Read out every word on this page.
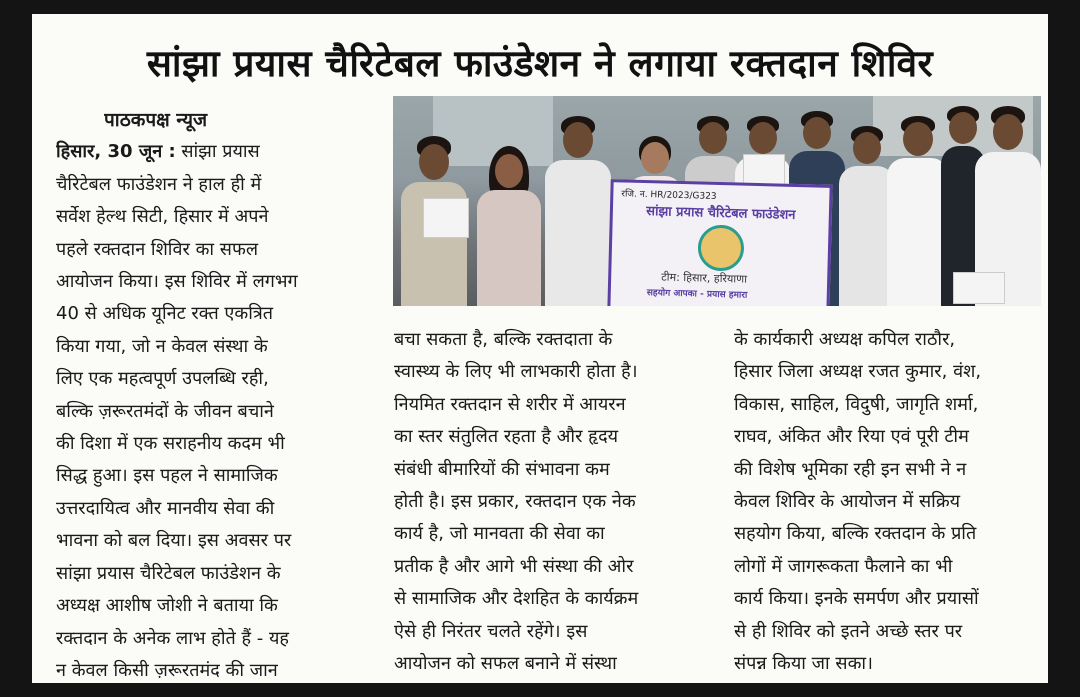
सांझा प्रयास चैरिटेबल फाउंडेशन ने लगाया रक्तदान शिविर
रजि. न. HR/2023/G323
सांझा प्रयास चैरिटेबल फाउंडेशन
टीम: हिसार, हरियाणा
सहयोग आपका - प्रयास हमारा

पाठकपक्ष न्यूज

हिसार, 30 जून : सांझा प्रयास

चैरिटेबल फाउंडेशन ने हाल ही में

सर्वेश हेल्थ सिटी, हिसार में अपने

पहले रक्तदान शिविर का सफल

आयोजन किया। इस शिविर में लगभग

40 से अधिक यूनिट रक्त एकत्रित

किया गया, जो न केवल संस्था के

लिए एक महत्वपूर्ण उपलब्धि रही,

बल्कि ज़रूरतमंदों के जीवन बचाने

की दिशा में एक सराहनीय कदम भी

सिद्ध हुआ। इस पहल ने सामाजिक

उत्तरदायित्व और मानवीय सेवा की

भावना को बल दिया। इस अवसर पर

सांझा प्रयास चैरिटेबल फाउंडेशन के

अध्यक्ष आशीष जोशी ने बताया कि

रक्तदान के अनेक लाभ होते हैं - यह

न केवल किसी ज़रूरतमंद की जान

बचा सकता है, बल्कि रक्तदाता के

स्वास्थ्य के लिए भी लाभकारी होता है।

नियमित रक्तदान से शरीर में आयरन

का स्तर संतुलित रहता है और हृदय

संबंधी बीमारियों की संभावना कम

होती है। इस प्रकार, रक्तदान एक नेक

कार्य है, जो मानवता की सेवा का

प्रतीक है और आगे भी संस्था की ओर

से सामाजिक और देशहित के कार्यक्रम

ऐसे ही निरंतर चलते रहेंगे। इस

आयोजन को सफल बनाने में संस्था

के कार्यकारी अध्यक्ष कपिल राठौर,

हिसार जिला अध्यक्ष रजत कुमार, वंश,

विकास, साहिल, विदुषी, जागृति शर्मा,

राघव, अंकित और रिया एवं पूरी टीम

की विशेष भूमिका रही इन सभी ने न

केवल शिविर के आयोजन में सक्रिय

सहयोग किया, बल्कि रक्तदान के प्रति

लोगों में जागरूकता फैलाने का भी

कार्य किया। इनके समर्पण और प्रयासों

से ही शिविर को इतने अच्छे स्तर पर

संपन्न किया जा सका।
